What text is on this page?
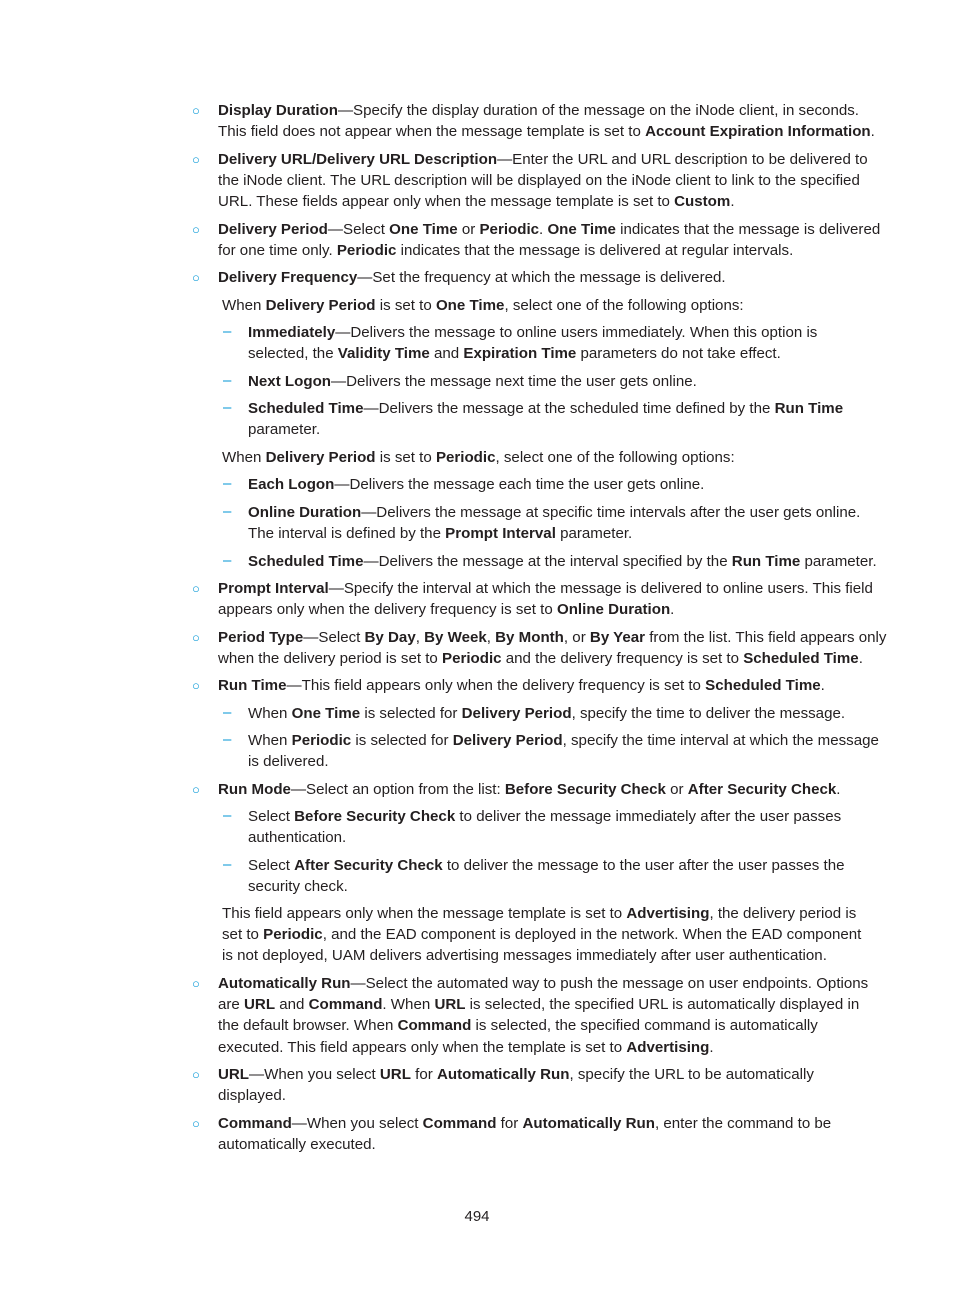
Display Duration—Specify the display duration of the message on the iNode client, in seconds.
This field does not appear when the message template is set to Account Expiration Information.
○
Delivery URL/Delivery URL Description—Enter the URL and URL description to be delivered to
the iNode client. The URL description will be displayed on the iNode client to link to the specified
URL. These fields appear only when the message template is set to Custom.
○
Delivery Period—Select One Time or Periodic. One Time indicates that the message is delivered
for one time only. Periodic indicates that the message is delivered at regular intervals.
○
Delivery Frequency—Set the frequency at which the message is delivered.
○
When Delivery Period is set to One Time, select one of the following options:
Immediately—Delivers the message to online users immediately. When this option is
selected, the Validity Time and Expiration Time parameters do not take effect.
–
Next Logon—Delivers the message next time the user gets online.
–
Scheduled Time—Delivers the message at the scheduled time defined by the Run Time
parameter.
–
When Delivery Period is set to Periodic, select one of the following options:
Each Logon—Delivers the message each time the user gets online.
–
Online Duration—Delivers the message at specific time intervals after the user gets online.
The interval is defined by the Prompt Interval parameter.
–
Scheduled Time—Delivers the message at the interval specified by the Run Time parameter.
–
Prompt Interval—Specify the interval at which the message is delivered to online users. This field
appears only when the delivery frequency is set to Online Duration.
○
Period Type—Select By Day, By Week, By Month, or By Year from the list. This field appears only
when the delivery period is set to Periodic and the delivery frequency is set to Scheduled Time.
○
Run Time—This field appears only when the delivery frequency is set to Scheduled Time.
○
When One Time is selected for Delivery Period, specify the time to deliver the message.
–
When Periodic is selected for Delivery Period, specify the time interval at which the message
is delivered.
–
Run Mode—Select an option from the list: Before Security Check or After Security Check.
○
Select Before Security Check to deliver the message immediately after the user passes
authentication.
–
Select After Security Check to deliver the message to the user after the user passes the
security check.
–
This field appears only when the message template is set to Advertising, the delivery period is
set to Periodic, and the EAD component is deployed in the network. When the EAD component
is not deployed, UAM delivers advertising messages immediately after user authentication.
Automatically Run—Select the automated way to push the message on user endpoints. Options
are URL and Command. When URL is selected, the specified URL is automatically displayed in
the default browser. When Command is selected, the specified command is automatically
executed. This field appears only when the template is set to Advertising.
○
URL—When you select URL for Automatically Run, specify the URL to be automatically
displayed.
○
Command—When you select Command for Automatically Run, enter the command to be
automatically executed.
○
494
